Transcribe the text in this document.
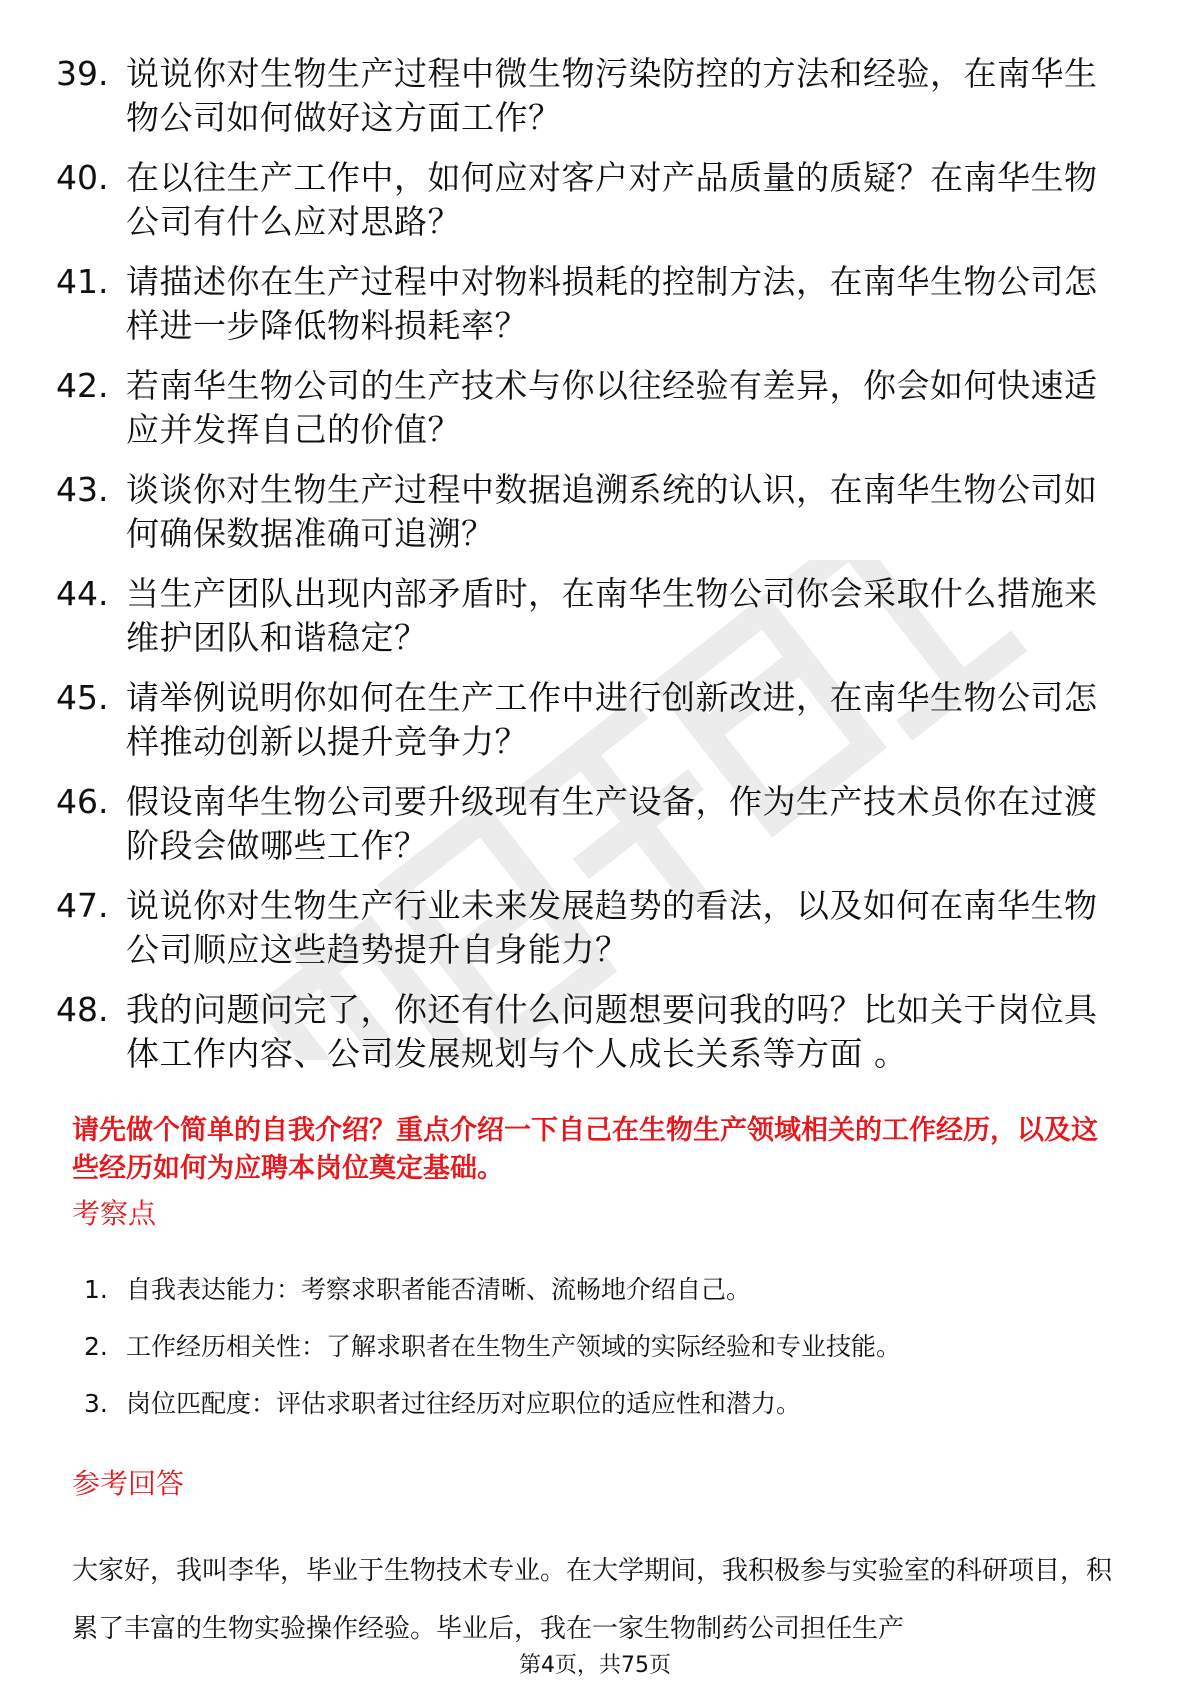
39. 说说你对生物生产过程中微生物污染防控的方法和经验，在南华生物公司如何做好这方面工作？
40. 在以往生产工作中，如何应对客户对产品质量的质疑？在南华生物公司有什么应对思路？
41. 请描述你在生产过程中对物料损耗的控制方法，在南华生物公司怎样进一步降低物料损耗率？
42. 若南华生物公司的生产技术与你以往经验有差异，你会如何快速适应并发挥自己的价值？
43. 谈谈你对生物生产过程中数据追溯系统的认识，在南华生物公司如何确保数据准确可追溯？
44. 当生产团队出现内部矛盾时，在南华生物公司你会采取什么措施来维护团队和谐稳定？
45. 请举例说明你如何在生产工作中进行创新改进，在南华生物公司怎样推动创新以提升竞争力？
46. 假设南华生物公司要升级现有生产设备，作为生产技术员你在过渡阶段会做哪些工作？
47. 说说你对生物生产行业未来发展趋势的看法，以及如何在南华生物公司顺应这些趋势提升自身能力？
48. 我的问题问完了，你还有什么问题想要问我的吗？比如关于岗位具体工作内容、公司发展规划与个人成长关系等方面 。

请先做个简单的自我介绍？重点介绍一下自己在生物生产领域相关的工作经历，以及这些经历如何为应聘本岗位奠定基础。

考察点
1. 自我表达能力：考察求职者能否清晰、流畅地介绍自己。
2. 工作经历相关性：了解求职者在生物生产领域的实际经验和专业技能。
3. 岗位匹配度：评估求职者过往经历对应职位的适应性和潜力。
参考回答

大家好，我叫李华，毕业于生物技术专业。在大学期间，我积极参与实验室的科研项目，积累了丰富的生物实验操作经验。毕业后，我在一家生物制药公司担任生产

第4页，共75页
